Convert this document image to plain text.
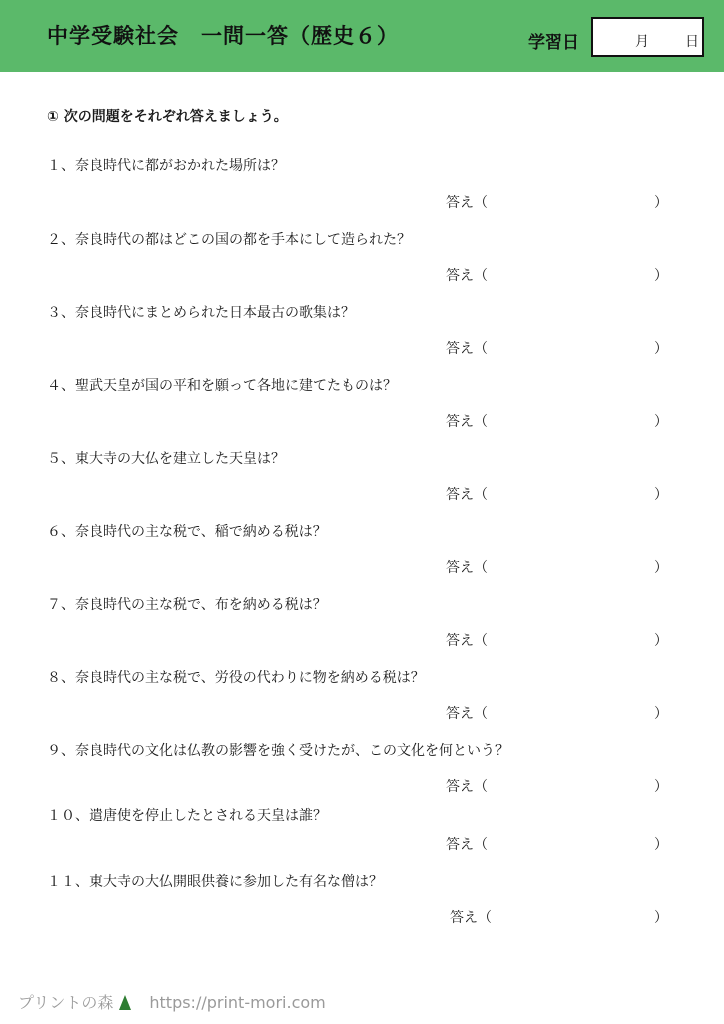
中学受験社会　一問一答（歴史６）	学習日	月	日
① 次の問題をそれぞれ答えましょう。
１、奈良時代に都がおかれた場所は？
答え（	）
２、奈良時代の都はどこの国の都を手本にして造られた？
答え（	）
３、奈良時代にまとめられた日本最古の歌集は？
答え（	）
４、聖武天皇が国の平和を願って各地に建てたものは？
答え（	）
５、東大寺の大仏を建立した天皇は？
答え（	）
６、奈良時代の主な税で、稲で納める税は？
答え（	）
７、奈良時代の主な税で、布を納める税は？
答え（	）
８、奈良時代の主な税で、労役の代わりに物を納める税は？
答え（	）
９、奈良時代の文化は仏教の影響を強く受けたが、この文化を何という？
答え（	）
１０、遣唐使を停止したとされる天皇は誰？
答え（	）
１１、東大寺の大仏開眼供養に参加した有名な僧は？
答え（	）
プリントの森 https://print-mori.com
